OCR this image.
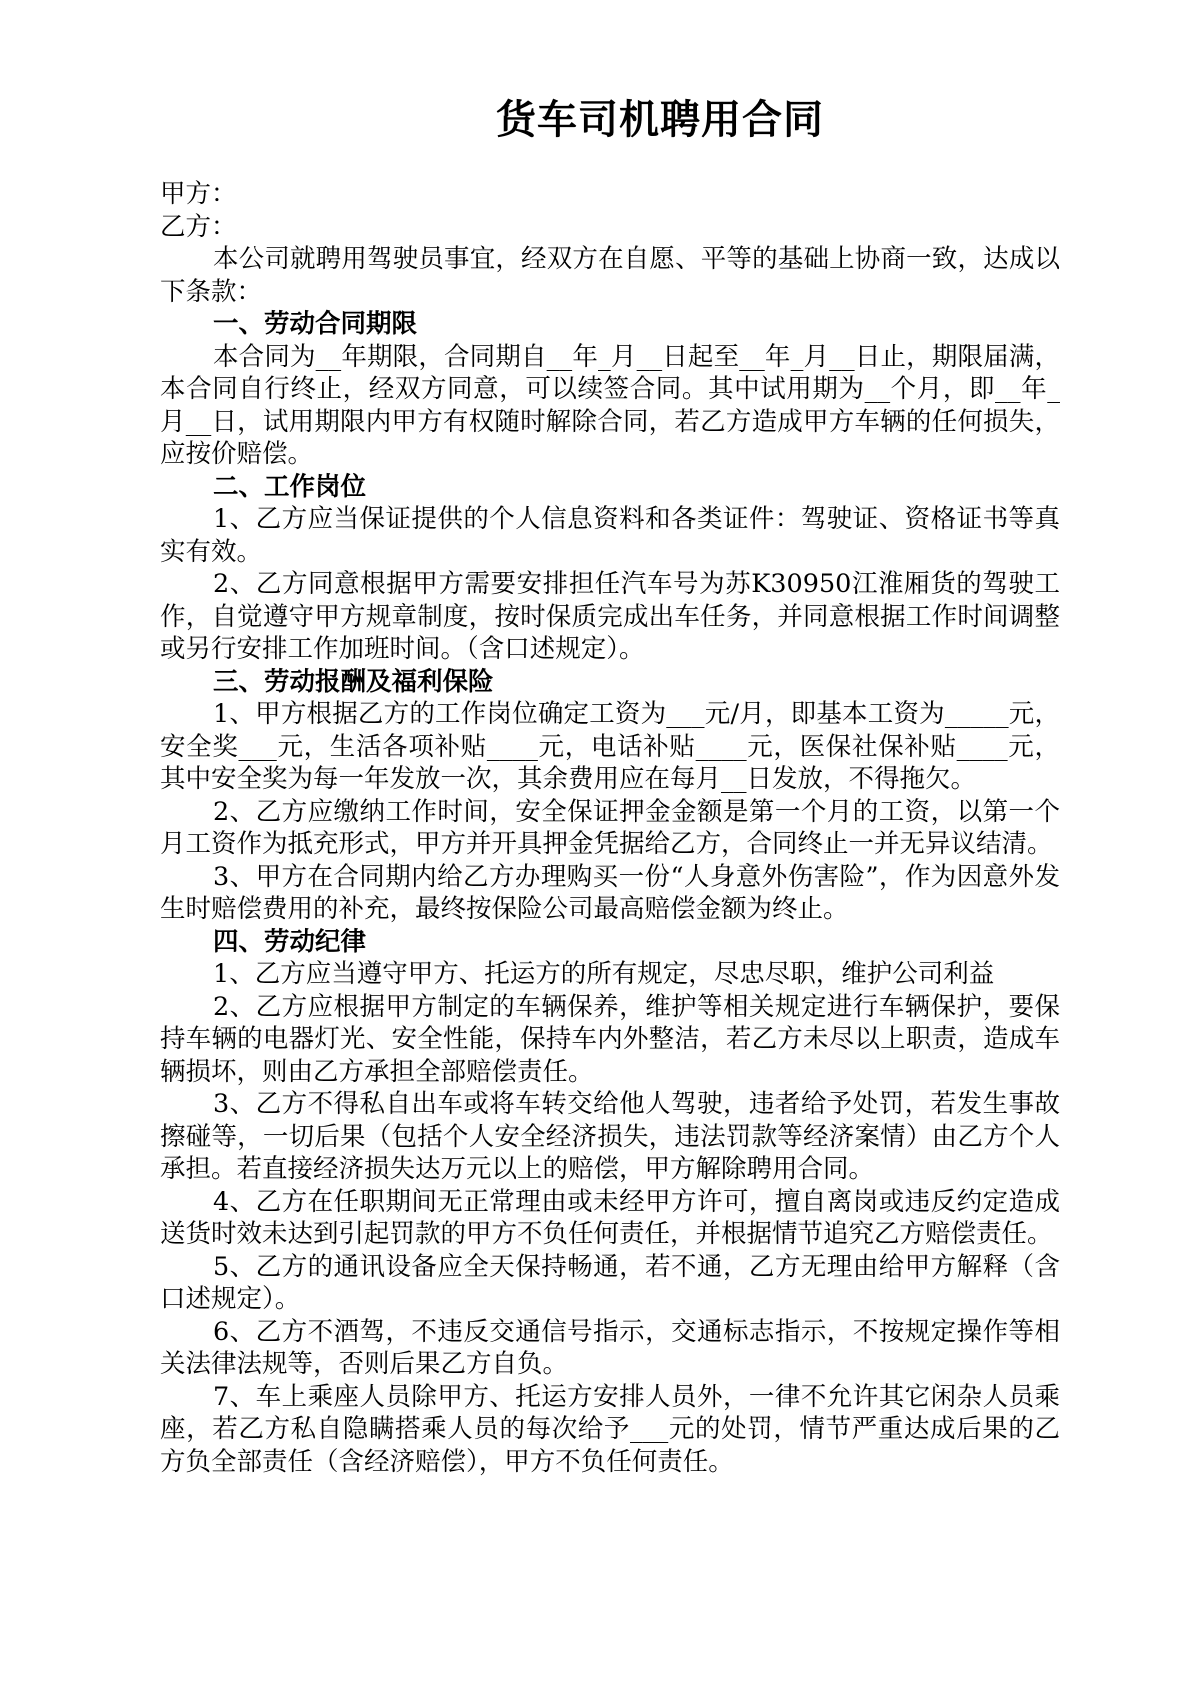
货车司机聘用合同

甲方：

乙方：

本公司就聘用驾驶员事宜，经双方在自愿、平等的基础上协商一致，达成以下条款：

一、劳动合同期限

本合同为__年期限，合同期自__年_月__日起至__年_月__日止，期限届满，本合同自行终止，经双方同意，可以续签合同。其中试用期为__个月，即__年_月__日，试用期限内甲方有权随时解除合同，若乙方造成甲方车辆的任何损失，应按价赔偿。

二、工作岗位

1、乙方应当保证提供的个人信息资料和各类证件：驾驶证、资格证书等真实有效。

2、乙方同意根据甲方需要安排担任汽车号为苏K30950江淮厢货的驾驶工作，自觉遵守甲方规章制度，按时保质完成出车任务，并同意根据工作时间调整或另行安排工作加班时间。（含口述规定）。

三、劳动报酬及福利保险

1、甲方根据乙方的工作岗位确定工资为___元/月，即基本工资为_____元，安全奖___元，生活各项补贴____元，电话补贴____元，医保社保补贴____元，其中安全奖为每一年发放一次，其余费用应在每月__日发放，不得拖欠。

2、乙方应缴纳工作时间，安全保证押金金额是第一个月的工资，以第一个月工资作为抵充形式，甲方并开具押金凭据给乙方，合同终止一并无异议结清。

3、甲方在合同期内给乙方办理购买一份“人身意外伤害险”，作为因意外发生时赔偿费用的补充，最终按保险公司最高赔偿金额为终止。

四、劳动纪律

1、乙方应当遵守甲方、托运方的所有规定，尽忠尽职，维护公司利益

2、乙方应根据甲方制定的车辆保养，维护等相关规定进行车辆保护，要保持车辆的电器灯光、安全性能，保持车内外整洁，若乙方未尽以上职责，造成车辆损坏，则由乙方承担全部赔偿责任。

3、乙方不得私自出车或将车转交给他人驾驶，违者给予处罚，若发生事故擦碰等，一切后果（包括个人安全经济损失，违法罚款等经济案情）由乙方个人承担。若直接经济损失达万元以上的赔偿，甲方解除聘用合同。

4、乙方在任职期间无正常理由或未经甲方许可，擅自离岗或违反约定造成送货时效未达到引起罚款的甲方不负任何责任，并根据情节追究乙方赔偿责任。

5、乙方的通讯设备应全天保持畅通，若不通，乙方无理由给甲方解释（含口述规定）。

6、乙方不酒驾，不违反交通信号指示，交通标志指示，不按规定操作等相关法律法规等，否则后果乙方自负。

7、车上乘座人员除甲方、托运方安排人员外，一律不允许其它闲杂人员乘座，若乙方私自隐瞒搭乘人员的每次给予___元的处罚，情节严重达成后果的乙方负全部责任（含经济赔偿），甲方不负任何责任。
